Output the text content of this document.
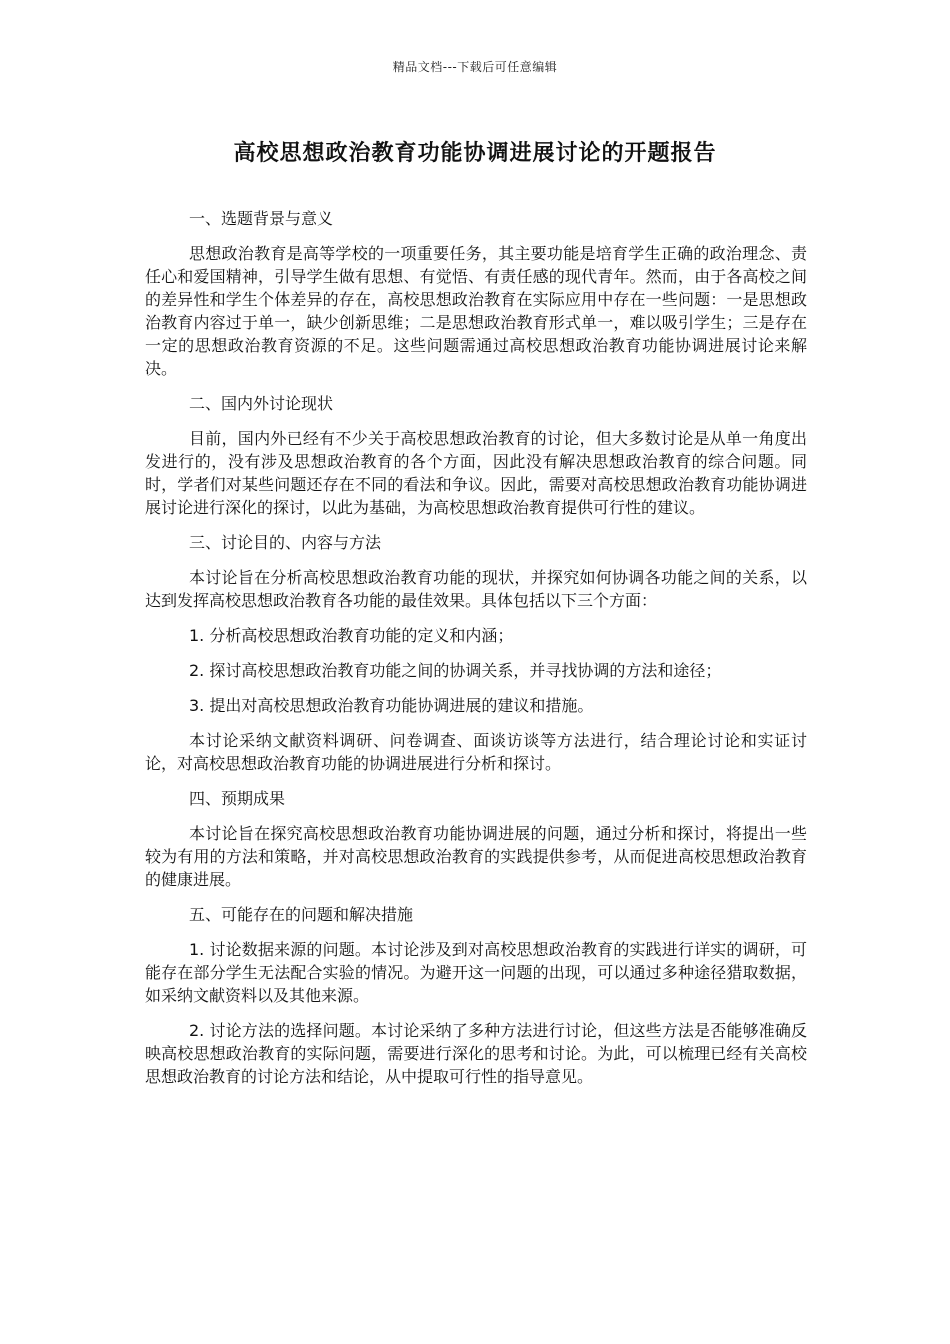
精品文档---下载后可任意编辑
高校思想政治教育功能协调进展讨论的开题报告

一、选题背景与意义

思想政治教育是高等学校的一项重要任务，其主要功能是培育学生正确的政治理念、责任心和爱国精神，引导学生做有思想、有觉悟、有责任感的现代青年。然而，由于各高校之间的差异性和学生个体差异的存在，高校思想政治教育在实际应用中存在一些问题：一是思想政治教育内容过于单一，缺少创新思维；二是思想政治教育形式单一，难以吸引学生；三是存在一定的思想政治教育资源的不足。这些问题需通过高校思想政治教育功能协调进展讨论来解决。

二、国内外讨论现状

目前，国内外已经有不少关于高校思想政治教育的讨论，但大多数讨论是从单一角度出发进行的，没有涉及思想政治教育的各个方面，因此没有解决思想政治教育的综合问题。同时，学者们对某些问题还存在不同的看法和争议。因此，需要对高校思想政治教育功能协调进展讨论进行深化的探讨，以此为基础，为高校思想政治教育提供可行性的建议。

三、讨论目的、内容与方法

本讨论旨在分析高校思想政治教育功能的现状，并探究如何协调各功能之间的关系，以达到发挥高校思想政治教育各功能的最佳效果。具体包括以下三个方面：

1. 分析高校思想政治教育功能的定义和内涵；

2. 探讨高校思想政治教育功能之间的协调关系，并寻找协调的方法和途径；

3. 提出对高校思想政治教育功能协调进展的建议和措施。

本讨论采纳文献资料调研、问卷调查、面谈访谈等方法进行，结合理论讨论和实证讨论，对高校思想政治教育功能的协调进展进行分析和探讨。

四、预期成果

本讨论旨在探究高校思想政治教育功能协调进展的问题，通过分析和探讨，将提出一些较为有用的方法和策略，并对高校思想政治教育的实践提供参考，从而促进高校思想政治教育的健康进展。

五、可能存在的问题和解决措施

1. 讨论数据来源的问题。本讨论涉及到对高校思想政治教育的实践进行详实的调研，可能存在部分学生无法配合实验的情况。为避开这一问题的出现，可以通过多种途径猎取数据，如采纳文献资料以及其他来源。

2. 讨论方法的选择问题。本讨论采纳了多种方法进行讨论，但这些方法是否能够准确反映高校思想政治教育的实际问题，需要进行深化的思考和讨论。为此，可以梳理已经有关高校思想政治教育的讨论方法和结论，从中提取可行性的指导意见。
